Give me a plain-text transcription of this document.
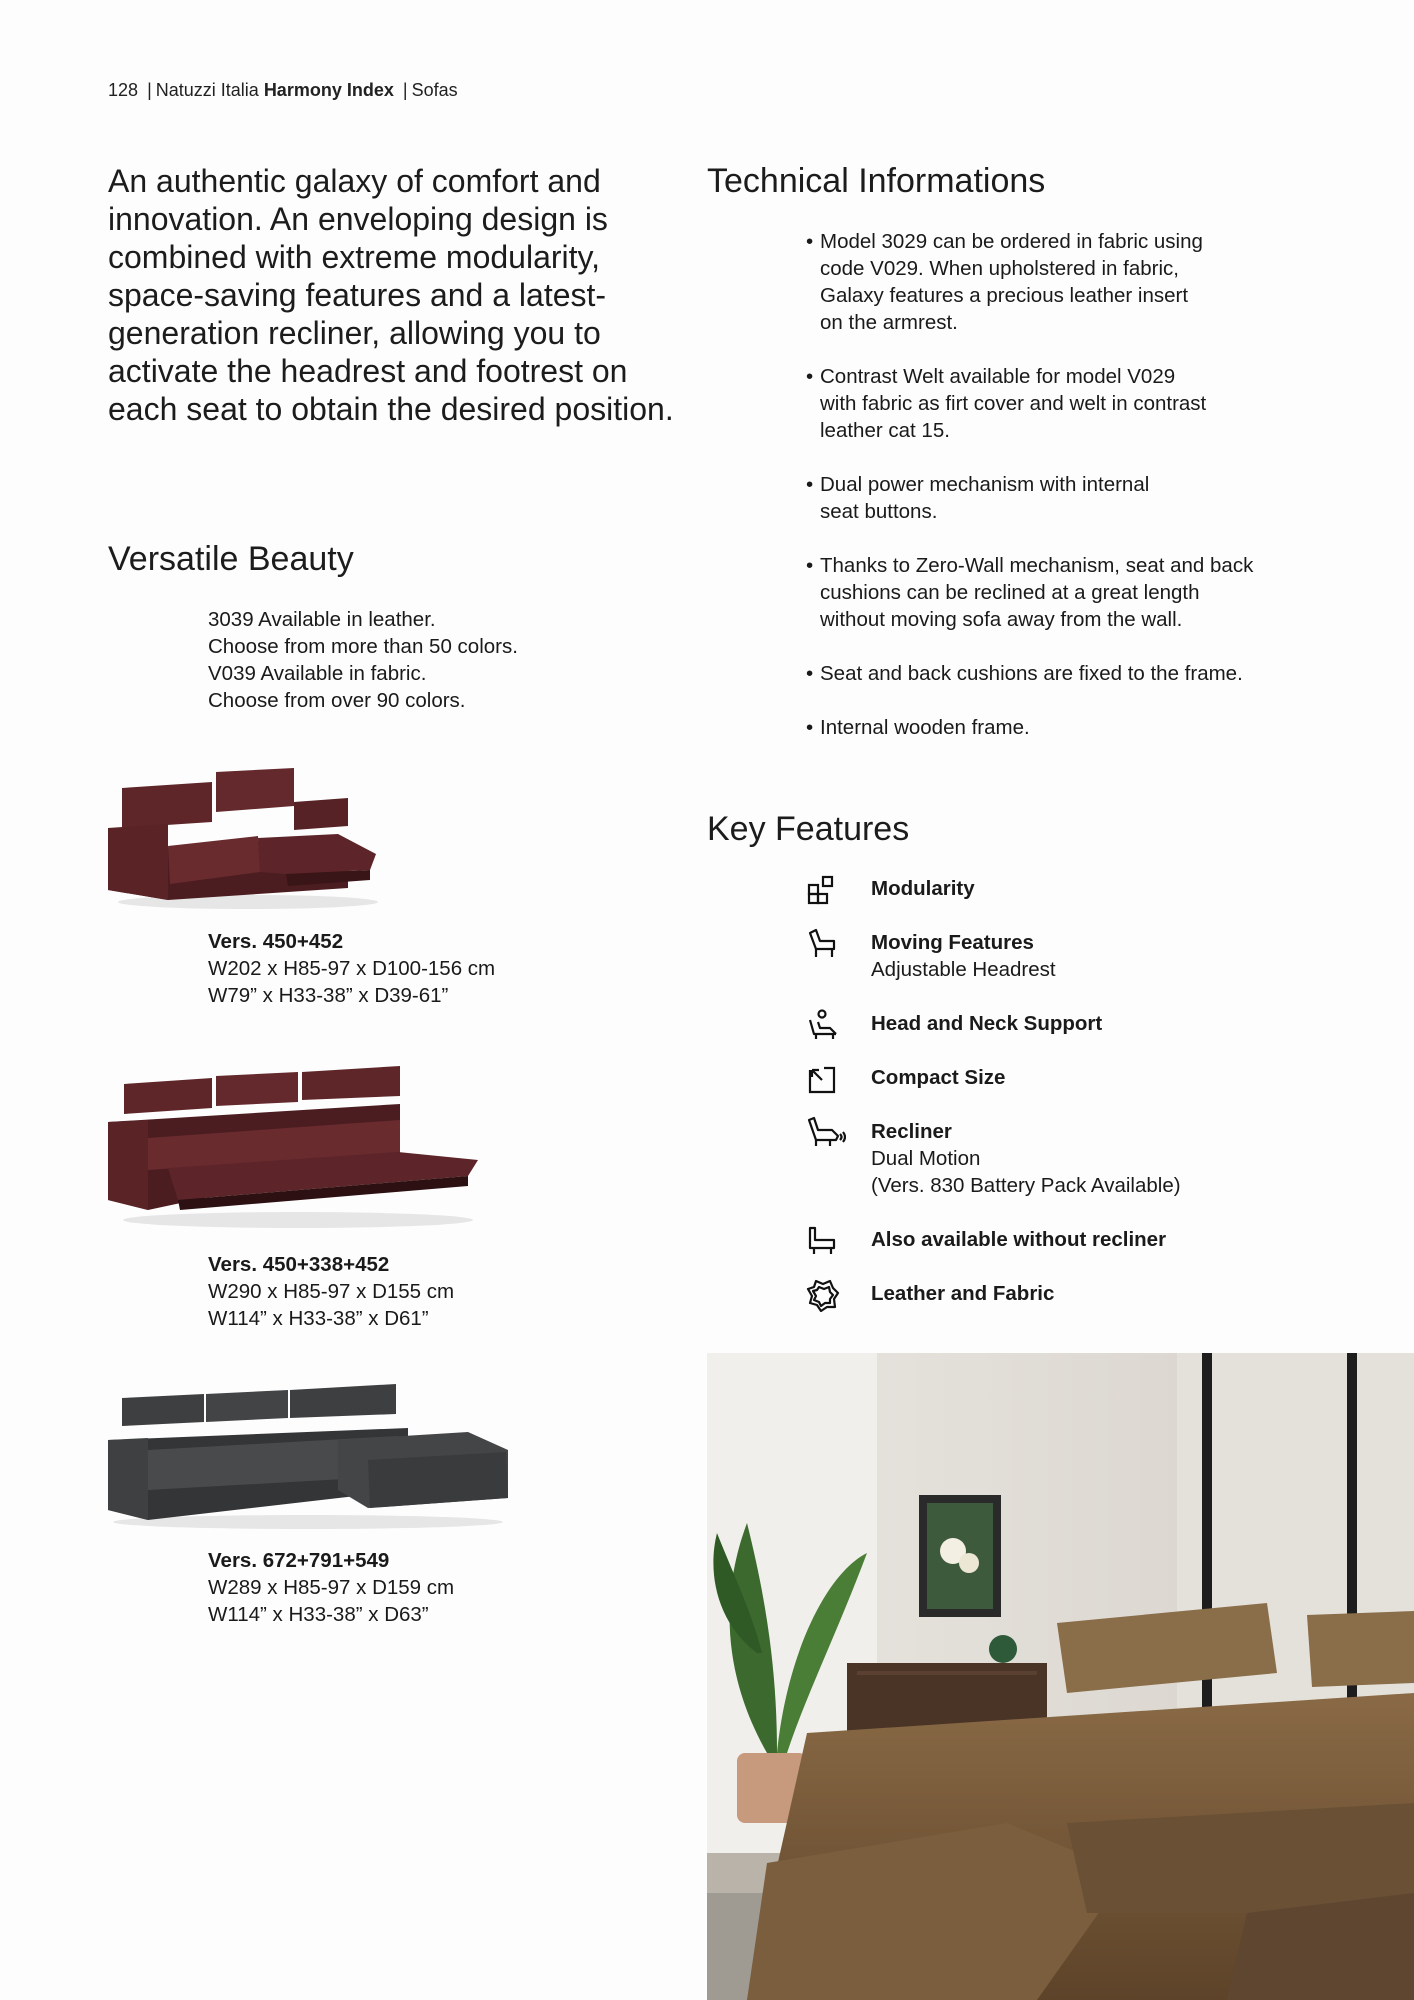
128 | Natuzzi Italia Harmony Index | Sofas
An authentic galaxy of comfort and innovation. An enveloping design is combined with extreme modularity, space-saving features and a latest-generation recliner, allowing you to activate the headrest and footrest on each seat to obtain the desired position.
Versatile Beauty
3039 Available in leather.
Choose from more than 50 colors.
V039 Available in fabric.
Choose from over 90 colors.
Vers. 450+452
W202 x H85-97 x D100-156 cm
W79” x H33-38” x D39-61”
Vers. 450+338+452
W290 x H85-97 x D155 cm
W114” x H33-38” x D61”
Vers. 672+791+549
W289 x H85-97 x D159 cm
W114” x H33-38” x D63”
Technical Informations
• Model 3029 can be ordered in fabric using
code V029. When upholstered in fabric,
Galaxy features a precious leather insert
on the armrest.
• Contrast Welt available for model V029
with fabric as firt cover and welt in contrast
leather cat 15.
• Dual power mechanism with internal
seat buttons.
• Thanks to Zero-Wall mechanism, seat and back
cushions can be reclined at a great length
without moving sofa away from the wall.
• Seat and back cushions are fixed to the frame.
• Internal wooden frame.
Key Features
Modularity
Moving Features
Adjustable Headrest
Head and Neck Support
Compact Size
Recliner
Dual Motion
(Vers. 830 Battery Pack Available)
Also available without recliner
Leather and Fabric
